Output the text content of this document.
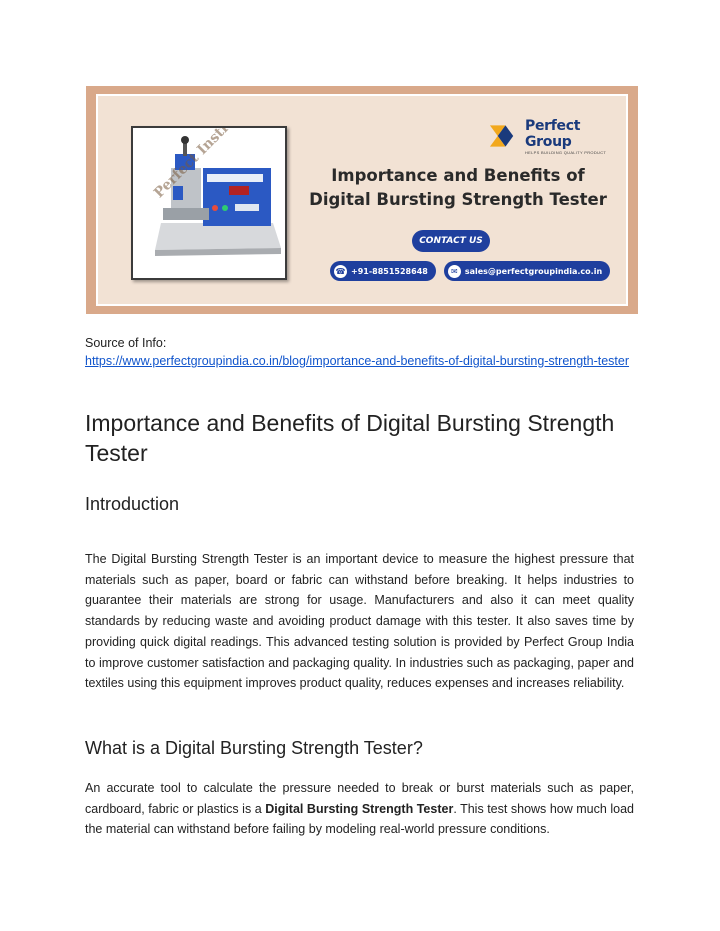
Perfect Group
HELPS BUILDING QUALITY PRODUCT
Importance and Benefits of
Digital Bursting Strength Tester
CONTACT US
☎ +91-8851528648	✉ sales@perfectgroupindia.co.in
Source of Info:
https://www.perfectgroupindia.co.in/blog/importance-and-benefits-of-digital-bursting-strength-tester
Importance and Benefits of Digital Bursting Strength Tester
Introduction

The Digital Bursting Strength Tester is an important device to measure the highest pressure that materials such as paper, board or fabric can withstand before breaking. It helps industries to guarantee their materials are strong for usage. Manufacturers and also it can meet quality standards by reducing waste and avoiding product damage with this tester. It also saves time by providing quick digital readings. This advanced testing solution is provided by Perfect Group India to improve customer satisfaction and packaging quality. In industries such as packaging, paper and textiles using this equipment improves product quality, reduces expenses and increases reliability.

What is a Digital Bursting Strength Tester?

An accurate tool to calculate the pressure needed to break or burst materials such as paper, cardboard, fabric or plastics is a Digital Bursting Strength Tester. This test shows how much load the material can withstand before failing by modeling real-world pressure conditions.
